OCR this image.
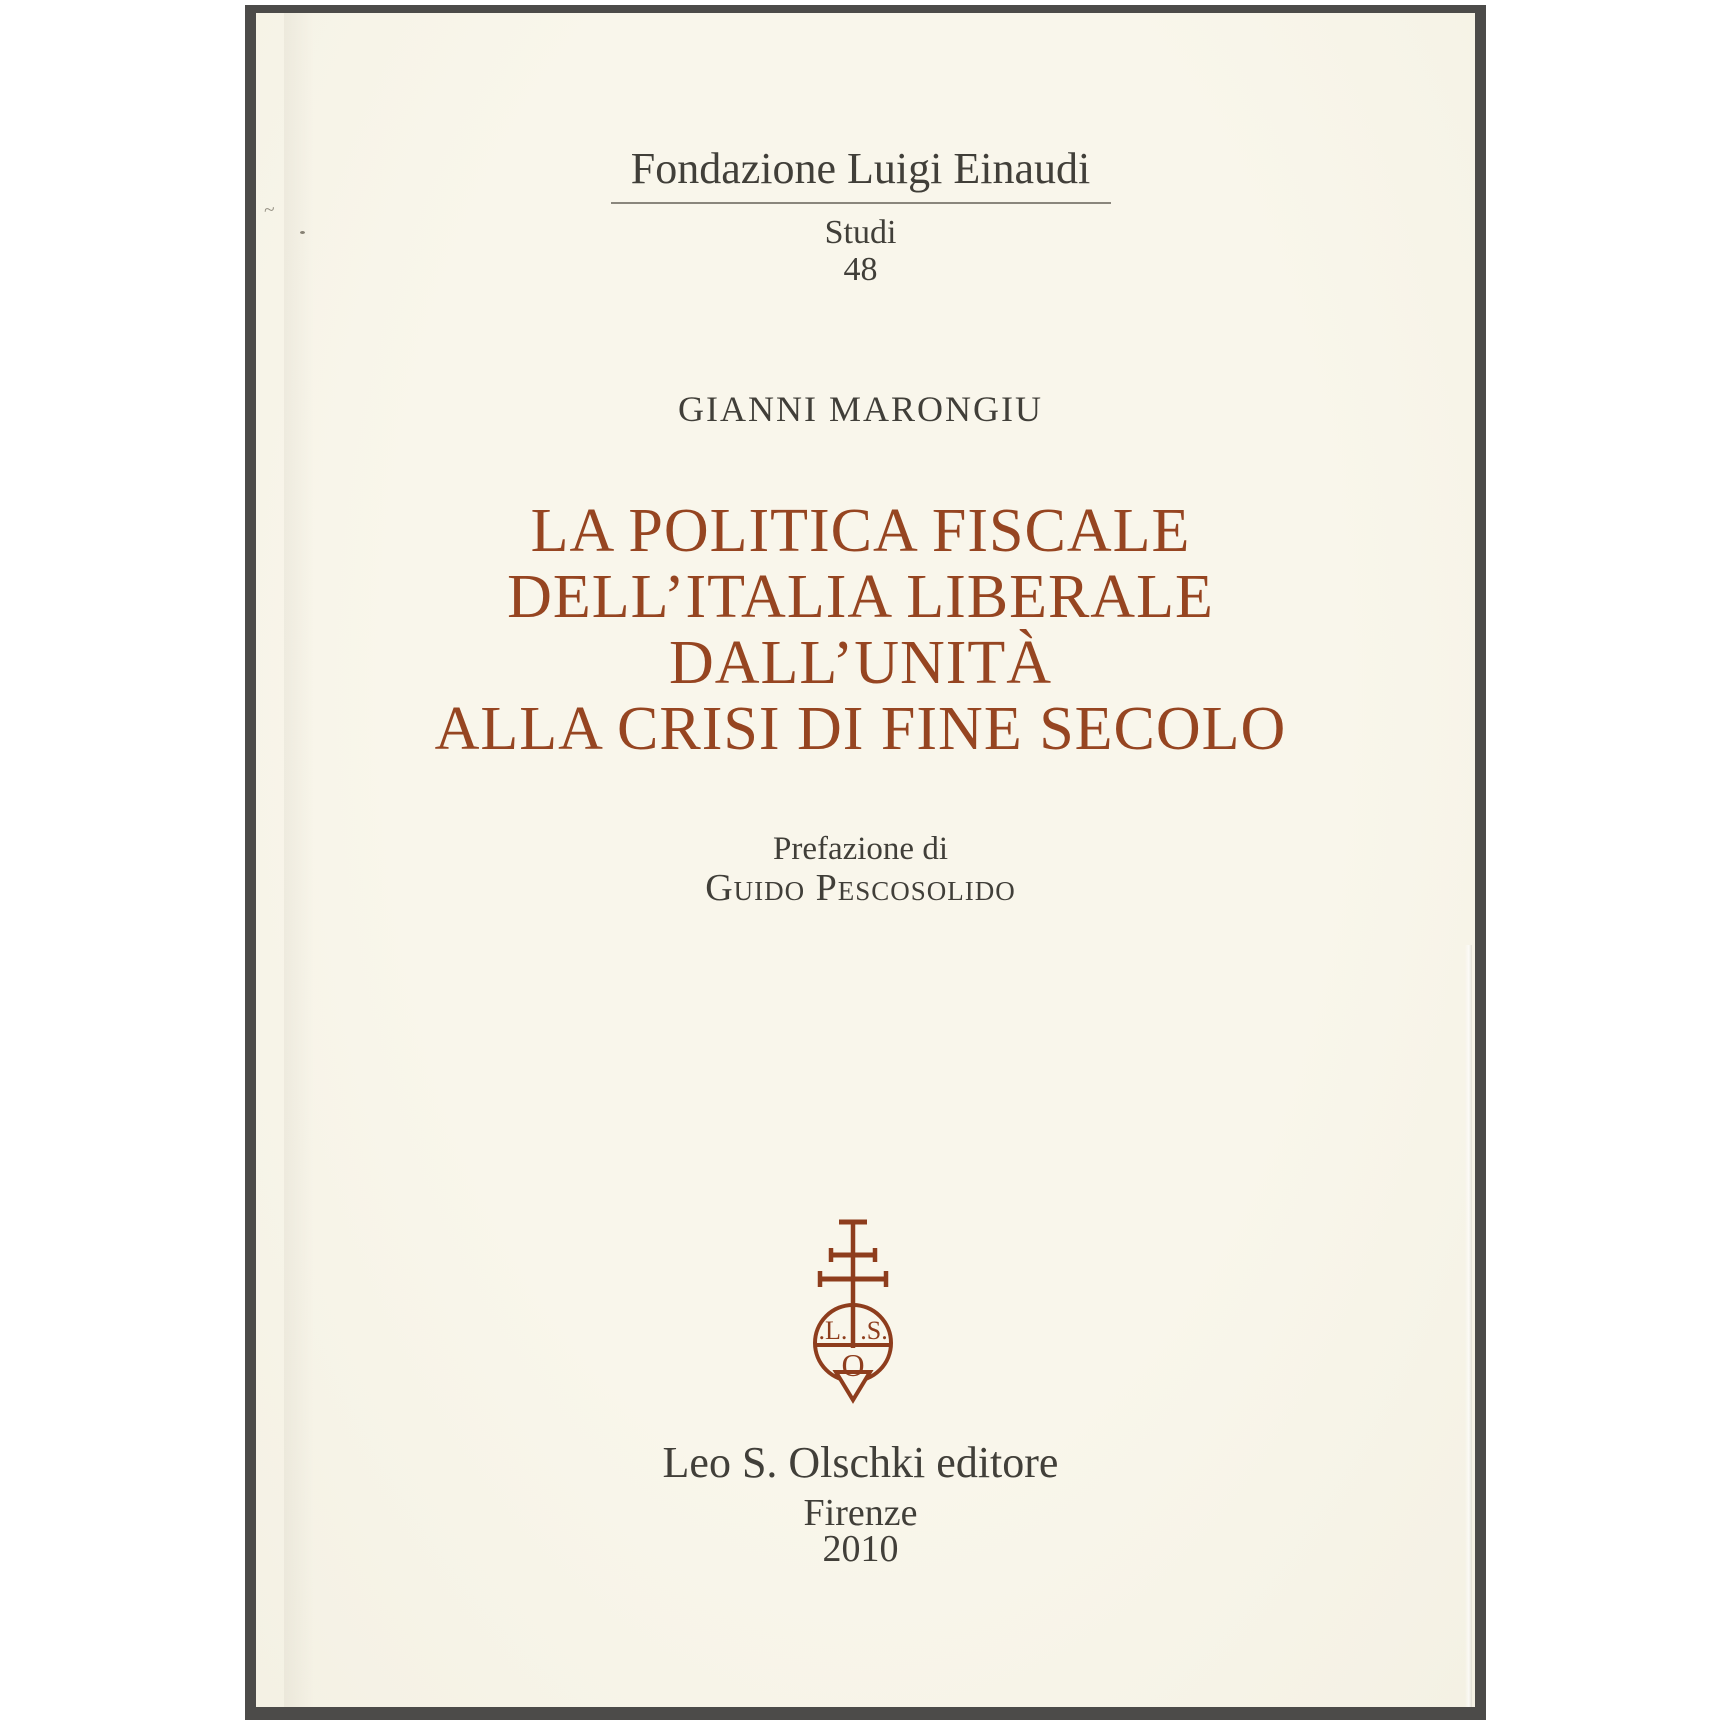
~
Fondazione Luigi Einaudi
Studi
48
GIANNI MARONGIU
LA POLITICA FISCALE
DELL’ITALIA LIBERALE
DALL’UNITÀ
ALLA CRISI DI FINE SECOLO
Prefazione di
Guido Pescosolido
.L. .S.
O
Leo S. Olschki editore
Firenze
2010
